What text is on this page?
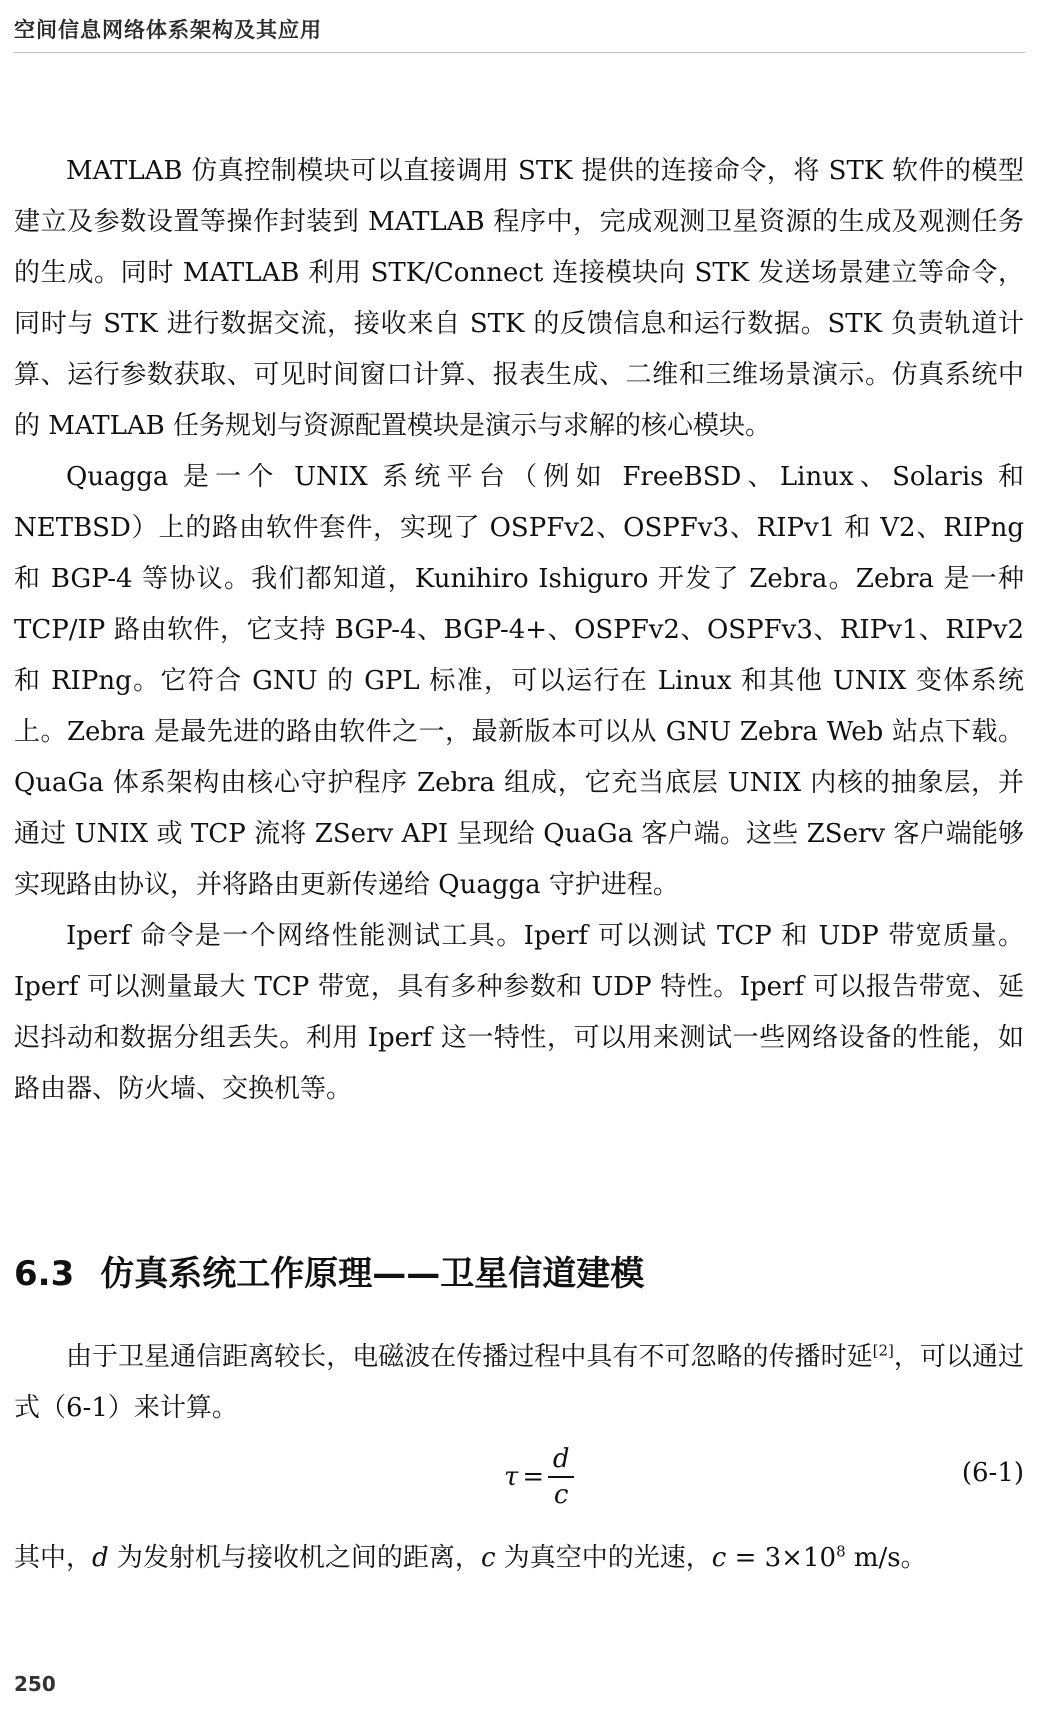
空间信息网络体系架构及其应用

MATLAB 仿真控制模块可以直接调用 STK 提供的连接命令，将 STK 软件的模型建立及参数设置等操作封装到 MATLAB 程序中，完成观测卫星资源的生成及观测任务的生成。同时 MATLAB 利用 STK/Connect 连接模块向 STK 发送场景建立等命令，同时与 STK 进行数据交流，接收来自 STK 的反馈信息和运行数据。STK 负责轨道计算、运行参数获取、可见时间窗口计算、报表生成、二维和三维场景演示。仿真系统中的 MATLAB 任务规划与资源配置模块是演示与求解的核心模块。

Quagga 是一个 UNIX 系统平台（例如 FreeBSD、Linux、Solaris 和 NETBSD）上的路由软件套件，实现了 OSPFv2、OSPFv3、RIPv1 和 V2、RIPng 和 BGP-4 等协议。我们都知道，Kunihiro Ishiguro 开发了 Zebra。Zebra 是一种 TCP/IP 路由软件，它支持 BGP-4、BGP-4+、OSPFv2、OSPFv3、RIPv1、RIPv2 和 RIPng。它符合 GNU 的 GPL 标准，可以运行在 Linux 和其他 UNIX 变体系统上。Zebra 是最先进的路由软件之一，最新版本可以从 GNU Zebra Web 站点下载。QuaGa 体系架构由核心守护程序 Zebra 组成，它充当底层 UNIX 内核的抽象层，并通过 UNIX 或 TCP 流将 ZServ API 呈现给 QuaGa 客户端。这些 ZServ 客户端能够实现路由协议，并将路由更新传递给 Quagga 守护进程。

Iperf 命令是一个网络性能测试工具。Iperf 可以测试 TCP 和 UDP 带宽质量。Iperf 可以测量最大 TCP 带宽，具有多种参数和 UDP 特性。Iperf 可以报告带宽、延迟抖动和数据分组丢失。利用 Iperf 这一特性，可以用来测试一些网络设备的性能，如路由器、防火墙、交换机等。

6.3 仿真系统工作原理——卫星信道建模

由于卫星通信距离较长，电磁波在传播过程中具有不可忽略的传播时延[2]，可以通过式（6-1）来计算。

$\tau = \frac{d}{c}$	(6-1)

其中，d 为发射机与接收机之间的距离，c 为真空中的光速，$c = 3\times 10^8$ m/s。

250
